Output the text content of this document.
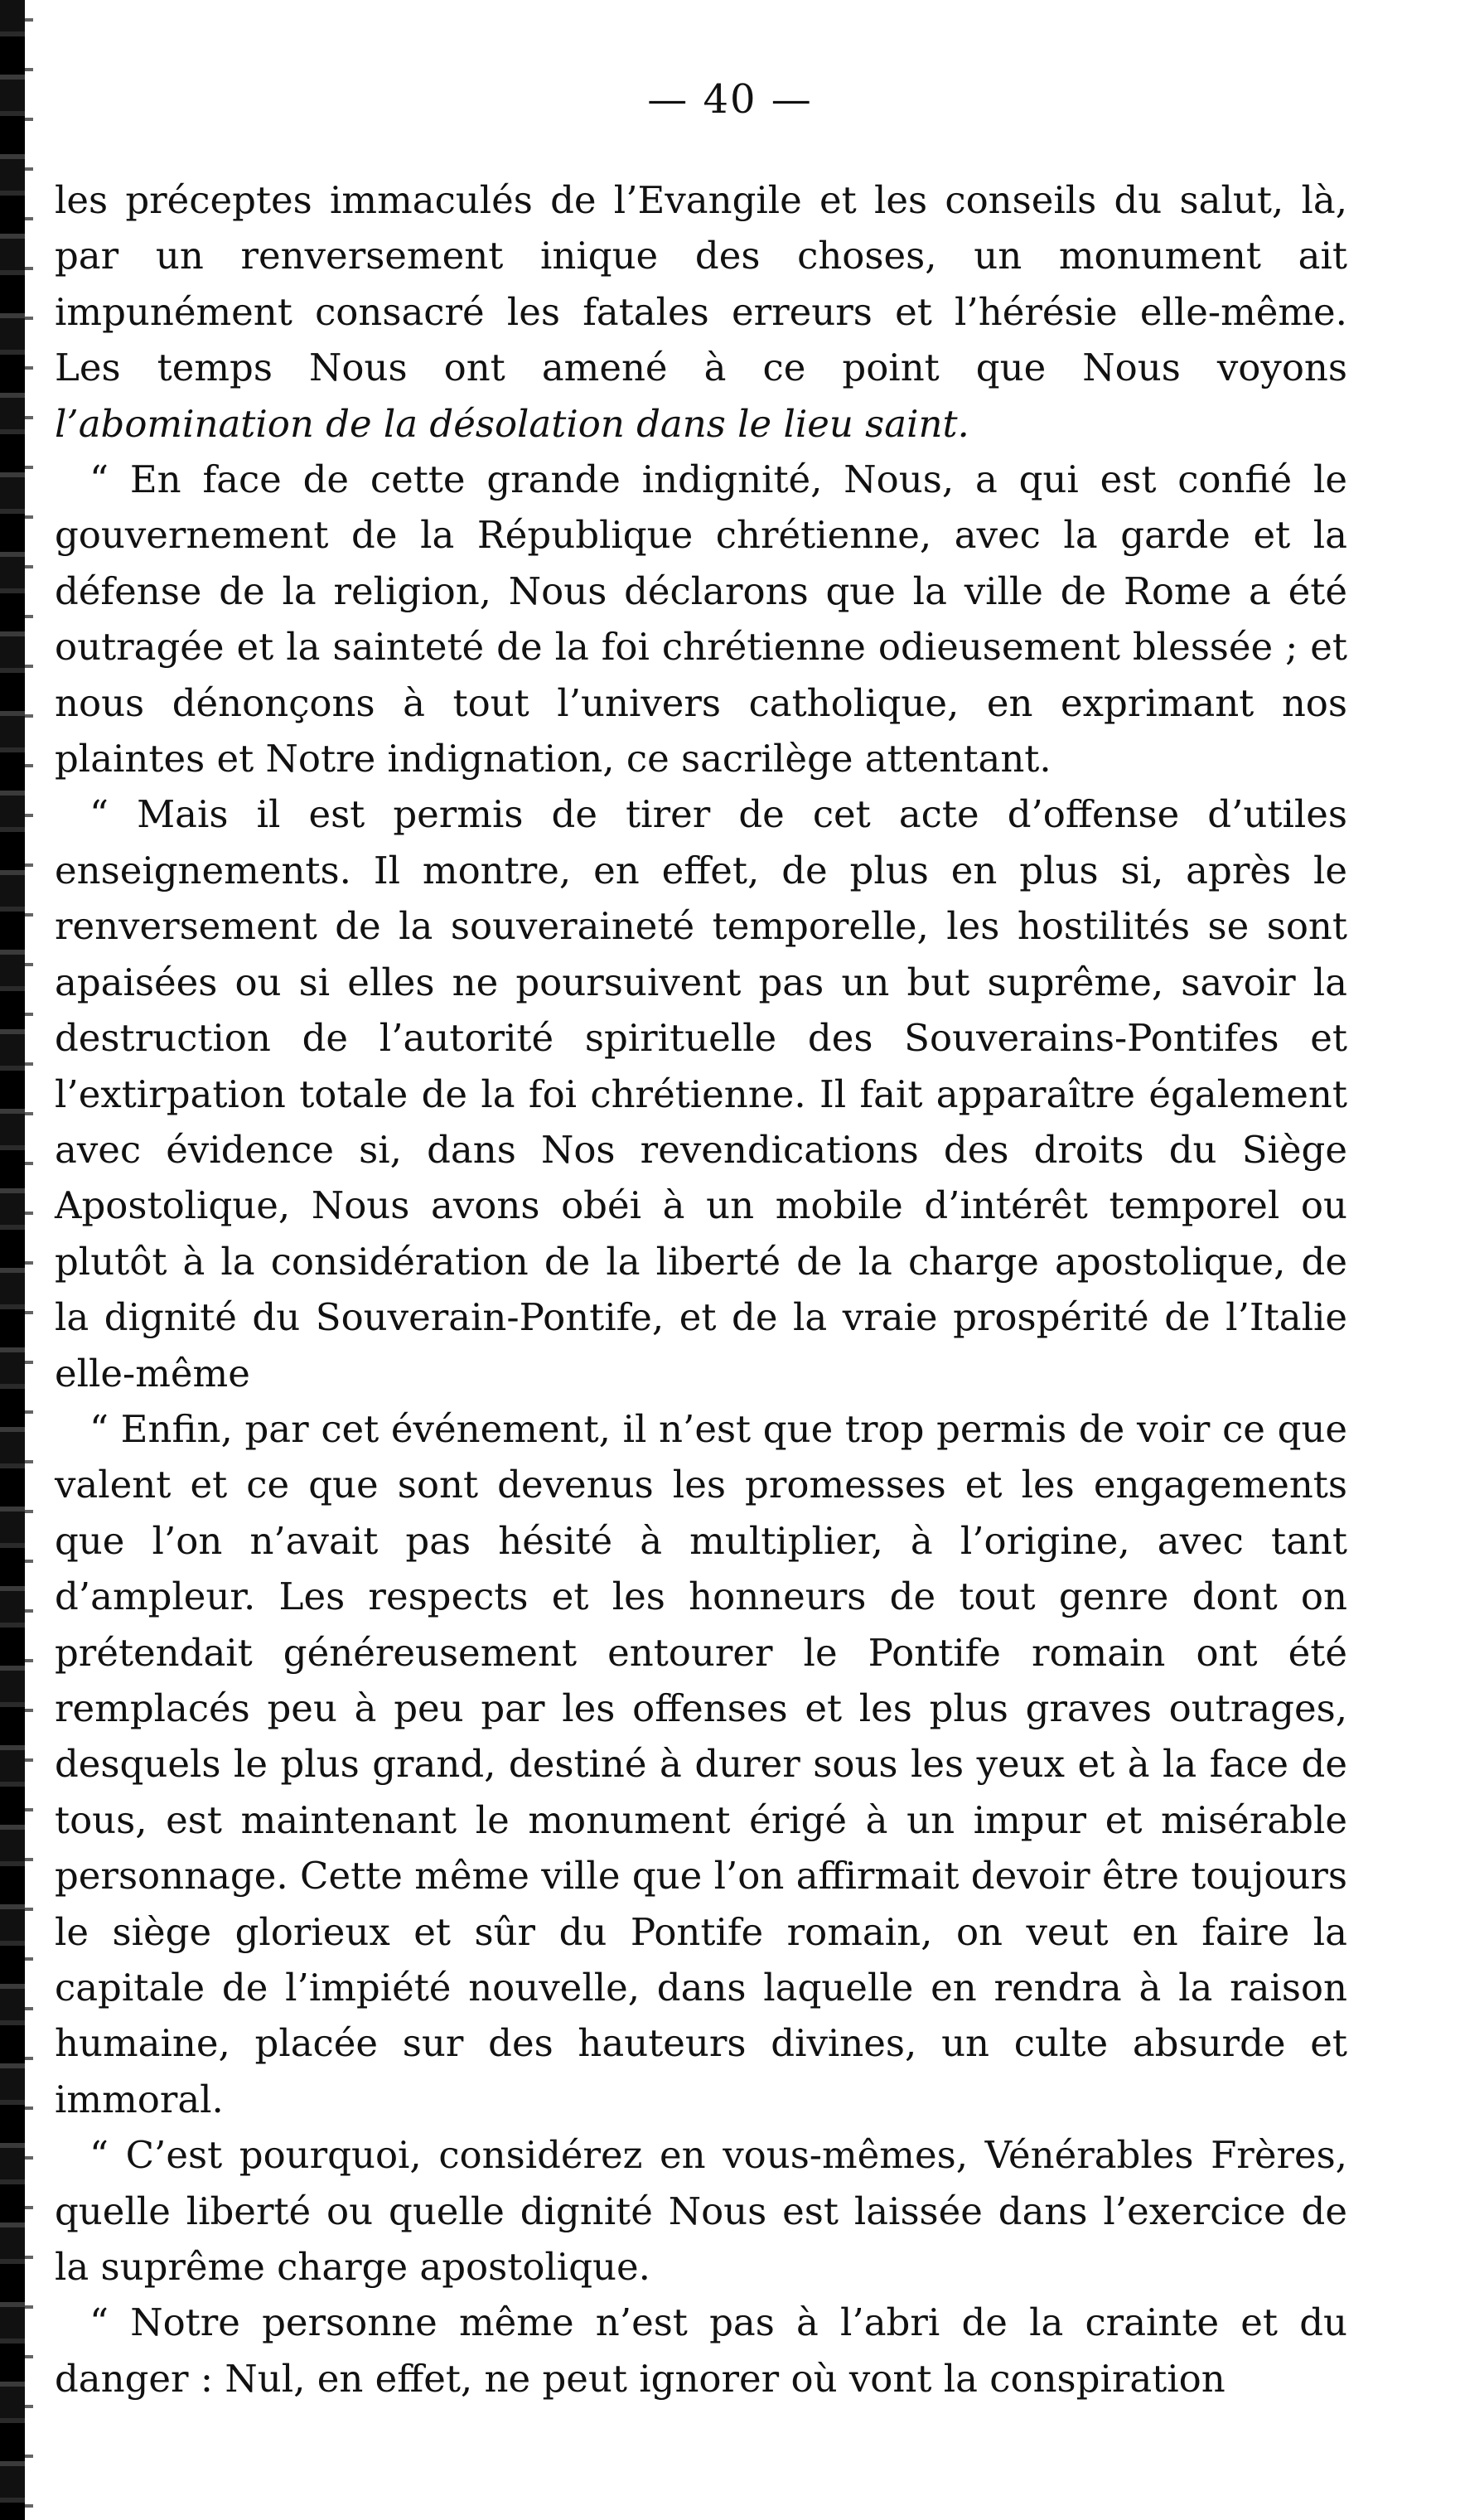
— 40 —

les préceptes immaculés de l’Evangile et les conseils du salut, là, par un renversement inique des choses, un monument ait impunément consacré les fatales erreurs et l’hérésie elle-même. Les temps Nous ont amené à ce point que Nous voyons l’abomination de la désolation dans le lieu saint.

“ En face de cette grande indignité, Nous, a qui est confié le gouvernement de la République chrétienne, avec la garde et la défense de la religion, Nous déclarons que la ville de Rome a été outragée et la sainteté de la foi chrétienne odieusement blessée ; et nous dénonçons à tout l’univers catholique, en exprimant nos plaintes et Notre indignation, ce sacrilège attentant.

“ Mais il est permis de tirer de cet acte d’offense d’utiles enseignements. Il montre, en effet, de plus en plus si, après le renversement de la souveraineté temporelle, les hostilités se sont apaisées ou si elles ne poursuivent pas un but suprême, savoir la destruction de l’autorité spirituelle des Souverains-Pontifes et l’extirpation totale de la foi chrétienne. Il fait apparaître également avec évidence si, dans Nos revendications des droits du Siège Apostolique, Nous avons obéi à un mobile d’intérêt temporel ou plutôt à la considération de la liberté de la charge apostolique, de la dignité du Souverain-Pontife, et de la vraie prospérité de l’Italie elle-même

“ Enfin, par cet événement, il n’est que trop permis de voir ce que valent et ce que sont devenus les promesses et les engagements que l’on n’avait pas hésité à multiplier, à l’origine, avec tant d’ampleur. Les respects et les honneurs de tout genre dont on prétendait généreusement entourer le Pontife romain ont été remplacés peu à peu par les offenses et les plus graves outrages, desquels le plus grand, destiné à durer sous les yeux et à la face de tous, est maintenant le monument érigé à un impur et misérable personnage. Cette même ville que l’on affirmait devoir être toujours le siège glorieux et sûr du Pontife romain, on veut en faire la capitale de l’impiété nouvelle, dans laquelle en rendra à la raison humaine, placée sur des hauteurs divines, un culte absurde et immoral.

“ C’est pourquoi, considérez en vous-mêmes, Vénérables Frères, quelle liberté ou quelle dignité Nous est laissée dans l’exercice de la suprême charge apostolique.

“ Notre personne même n’est pas à l’abri de la crainte et du danger : Nul, en effet, ne peut ignorer où vont la conspiration
